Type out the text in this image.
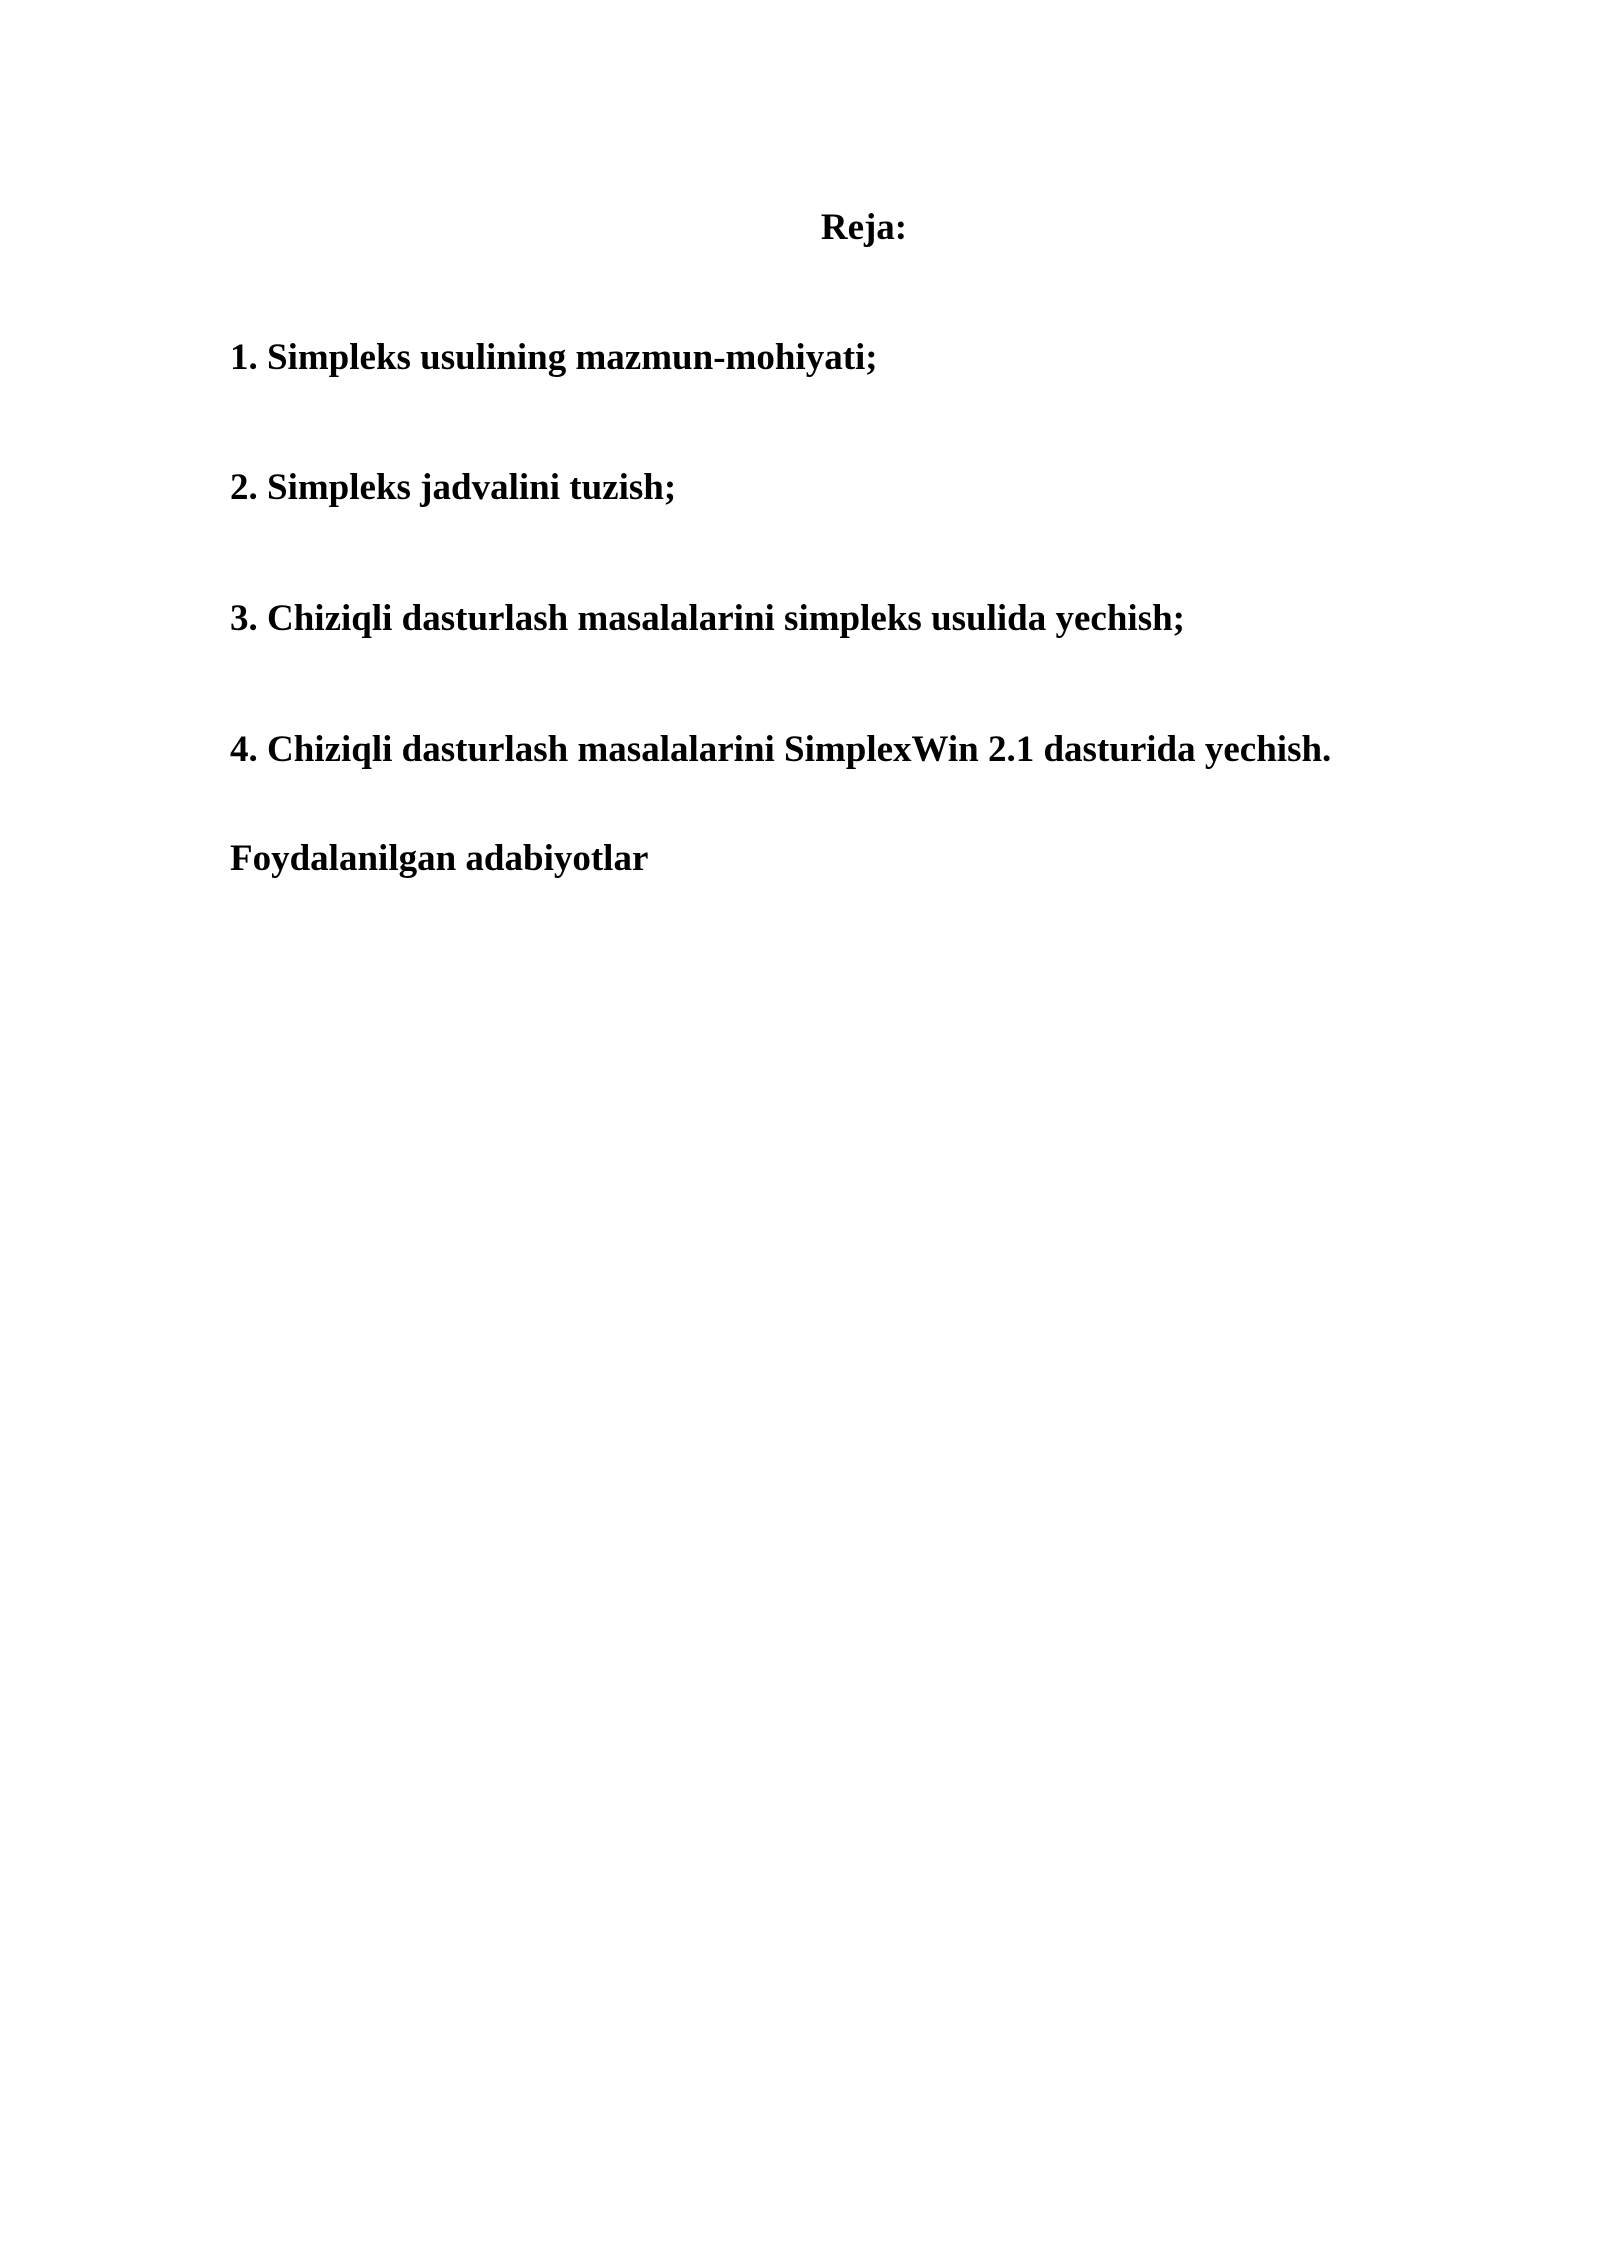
Reja:

1. Simpleks usulining mazmun-mohiyati;

2. Simpleks jadvalini tuzish;

3. Chiziqli dasturlash masalalarini simpleks usulida yechish;

4. Chiziqli dasturlash masalalarini SimplexWin 2.1 dasturida yechish.

Foydalanilgan adabiyotlar
